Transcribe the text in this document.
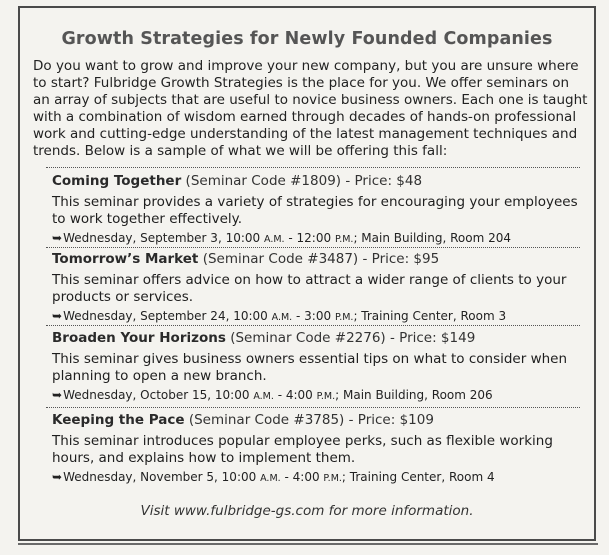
Growth Strategies for Newly Founded Companies
Do you want to grow and improve your new company, but you are unsure where to start? Fulbridge Growth Strategies is the place for you. We offer seminars on an array of subjects that are useful to novice business owners. Each one is taught with a combination of wisdom earned through decades of hands-on professional work and cutting-edge understanding of the latest management techniques and trends. Below is a sample of what we will be offering this fall:
Coming Together (Seminar Code #1809) - Price: $48
This seminar provides a variety of strategies for encouraging your employees to work together effectively.
➥Wednesday, September 3, 10:00 A.M. - 12:00 P.M.; Main Building, Room 204
Tomorrow’s Market (Seminar Code #3487) - Price: $95
This seminar offers advice on how to attract a wider range of clients to your products or services.
➥Wednesday, September 24, 10:00 A.M. - 3:00 P.M.; Training Center, Room 3
Broaden Your Horizons (Seminar Code #2276) - Price: $149
This seminar gives business owners essential tips on what to consider when planning to open a new branch.
➥Wednesday, October 15, 10:00 A.M. - 4:00 P.M.; Main Building, Room 206
Keeping the Pace (Seminar Code #3785) - Price: $109
This seminar introduces popular employee perks, such as flexible working hours, and explains how to implement them.
➥Wednesday, November 5, 10:00 A.M. - 4:00 P.M.; Training Center, Room 4
Visit www.fulbridge-gs.com for more information.
